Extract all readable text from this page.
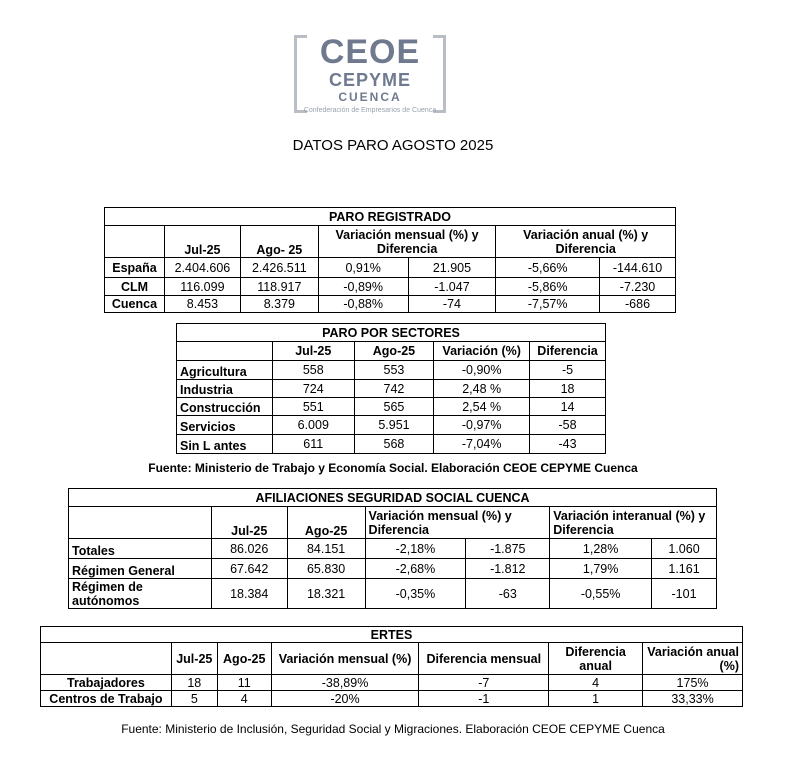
CEOE
CEPYME
CUENCA
Confederación de Empresarios de Cuenca
DATOS PARO AGOSTO 2025
PARO REGISTRADO						
	Jul-25	Ago- 25	Variación mensual (%) y Diferencia		Variación anual (%) y Diferencia	
España	2.404.606	2.426.511	0,91%	21.905	-5,66%	-144.610
CLM	116.099	118.917	-0,89%	-1.047	-5,86%	-7.230
Cuenca	8.453	8.379	-0,88%	-74	-7,57%	-686
PARO POR SECTORES				
	Jul-25	Ago-25	Variación (%)	Diferencia
Agricultura	558	553	-0,90%	-5
Industria	724	742	2,48 %	18
Construcción	551	565	2,54 %	14
Servicios	6.009	5.951	-0,97%	-58
Sin L antes	611	568	-7,04%	-43
Fuente: Ministerio de Trabajo y Economía Social. Elaboración CEOE CEPYME Cuenca
AFILIACIONES SEGURIDAD SOCIAL CUENCA						
	Jul-25	Ago-25	Variación mensual (%) y Diferencia		Variación interanual (%) y Diferencia	
Totales	86.026	84.151	-2,18%	-1.875	1,28%	1.060
Régimen General	67.642	65.830	-2,68%	-1.812	1,79%	1.161
Régimen de autónomos	18.384	18.321	-0,35%	-63	-0,55%	-101
ERTES						
	Jul-25	Ago-25	Variación mensual (%)	Diferencia mensual	Diferencia anual	Variación anual (%)
Trabajadores	18	11	-38,89%	-7	4	175%
Centros de Trabajo	5	4	-20%	-1	1	33,33%
Fuente: Ministerio de Inclusión, Seguridad Social y Migraciones. Elaboración CEOE CEPYME Cuenca
